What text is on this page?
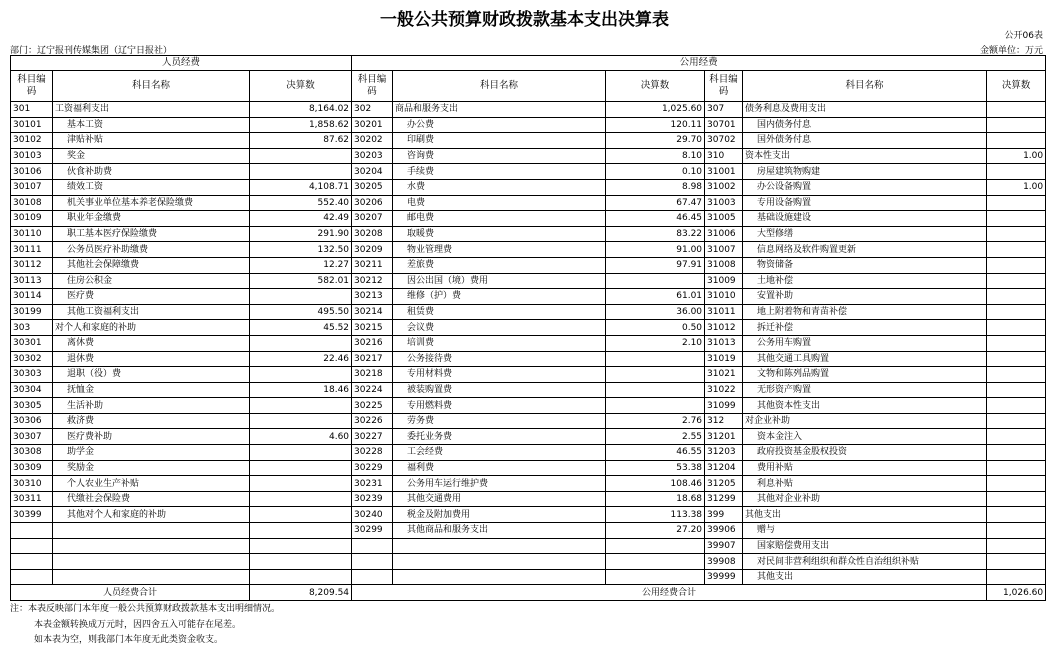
一般公共预算财政拨款基本支出决算表
公开06表
部门：辽宁报刊传媒集团（辽宁日报社）	金额单位：万元
人员经费			公用经费					
科目编码	科目名称	决算数	科目编码	科目名称	决算数	科目编码	科目名称	决算数
301	工资福利支出	8,164.02	302	商品和服务支出	1,025.60	307	债务利息及费用支出	
30101	基本工资	1,858.62	30201	办公费	120.11	30701	国内债务付息	
30102	津贴补贴	87.62	30202	印刷费	29.70	30702	国外债务付息	
30103	奖金		30203	咨询费	8.10	310	资本性支出	1.00
30106	伙食补助费		30204	手续费	0.10	31001	房屋建筑物购建	
30107	绩效工资	4,108.71	30205	水费	8.98	31002	办公设备购置	1.00
30108	机关事业单位基本养老保险缴费	552.40	30206	电费	67.47	31003	专用设备购置	
30109	职业年金缴费	42.49	30207	邮电费	46.45	31005	基础设施建设	
30110	职工基本医疗保险缴费	291.90	30208	取暖费	83.22	31006	大型修缮	
30111	公务员医疗补助缴费	132.50	30209	物业管理费	91.00	31007	信息网络及软件购置更新	
30112	其他社会保障缴费	12.27	30211	差旅费	97.91	31008	物资储备	
30113	住房公积金	582.01	30212	因公出国（境）费用		31009	土地补偿	
30114	医疗费		30213	维修（护）费	61.01	31010	安置补助	
30199	其他工资福利支出	495.50	30214	租赁费	36.00	31011	地上附着物和青苗补偿	
303	对个人和家庭的补助	45.52	30215	会议费	0.50	31012	拆迁补偿	
30301	离休费		30216	培训费	2.10	31013	公务用车购置	
30302	退休费	22.46	30217	公务接待费		31019	其他交通工具购置	
30303	退职（役）费		30218	专用材料费		31021	文物和陈列品购置	
30304	抚恤金	18.46	30224	被装购置费		31022	无形资产购置	
30305	生活补助		30225	专用燃料费		31099	其他资本性支出	
30306	救济费		30226	劳务费	2.76	312	对企业补助	
30307	医疗费补助	4.60	30227	委托业务费	2.55	31201	资本金注入	
30308	助学金		30228	工会经费	46.55	31203	政府投资基金股权投资	
30309	奖励金		30229	福利费	53.38	31204	费用补贴	
30310	个人农业生产补贴		30231	公务用车运行维护费	108.46	31205	利息补贴	
30311	代缴社会保险费		30239	其他交通费用	18.68	31299	其他对企业补助	
30399	其他对个人和家庭的补助		30240	税金及附加费用	113.38	399	其他支出	
			30299	其他商品和服务支出	27.20	39906	赠与	
						39907	国家赔偿费用支出	
						39908	对民间非营利组织和群众性自治组织补贴	
						39999	其他支出	
人员经费合计		8,209.54	公用经费合计					1,026.60
注：本表反映部门本年度一般公共预算财政拨款基本支出明细情况。
本表金额转换成万元时，因四舍五入可能存在尾差。
如本表为空，则我部门本年度无此类资金收支。
